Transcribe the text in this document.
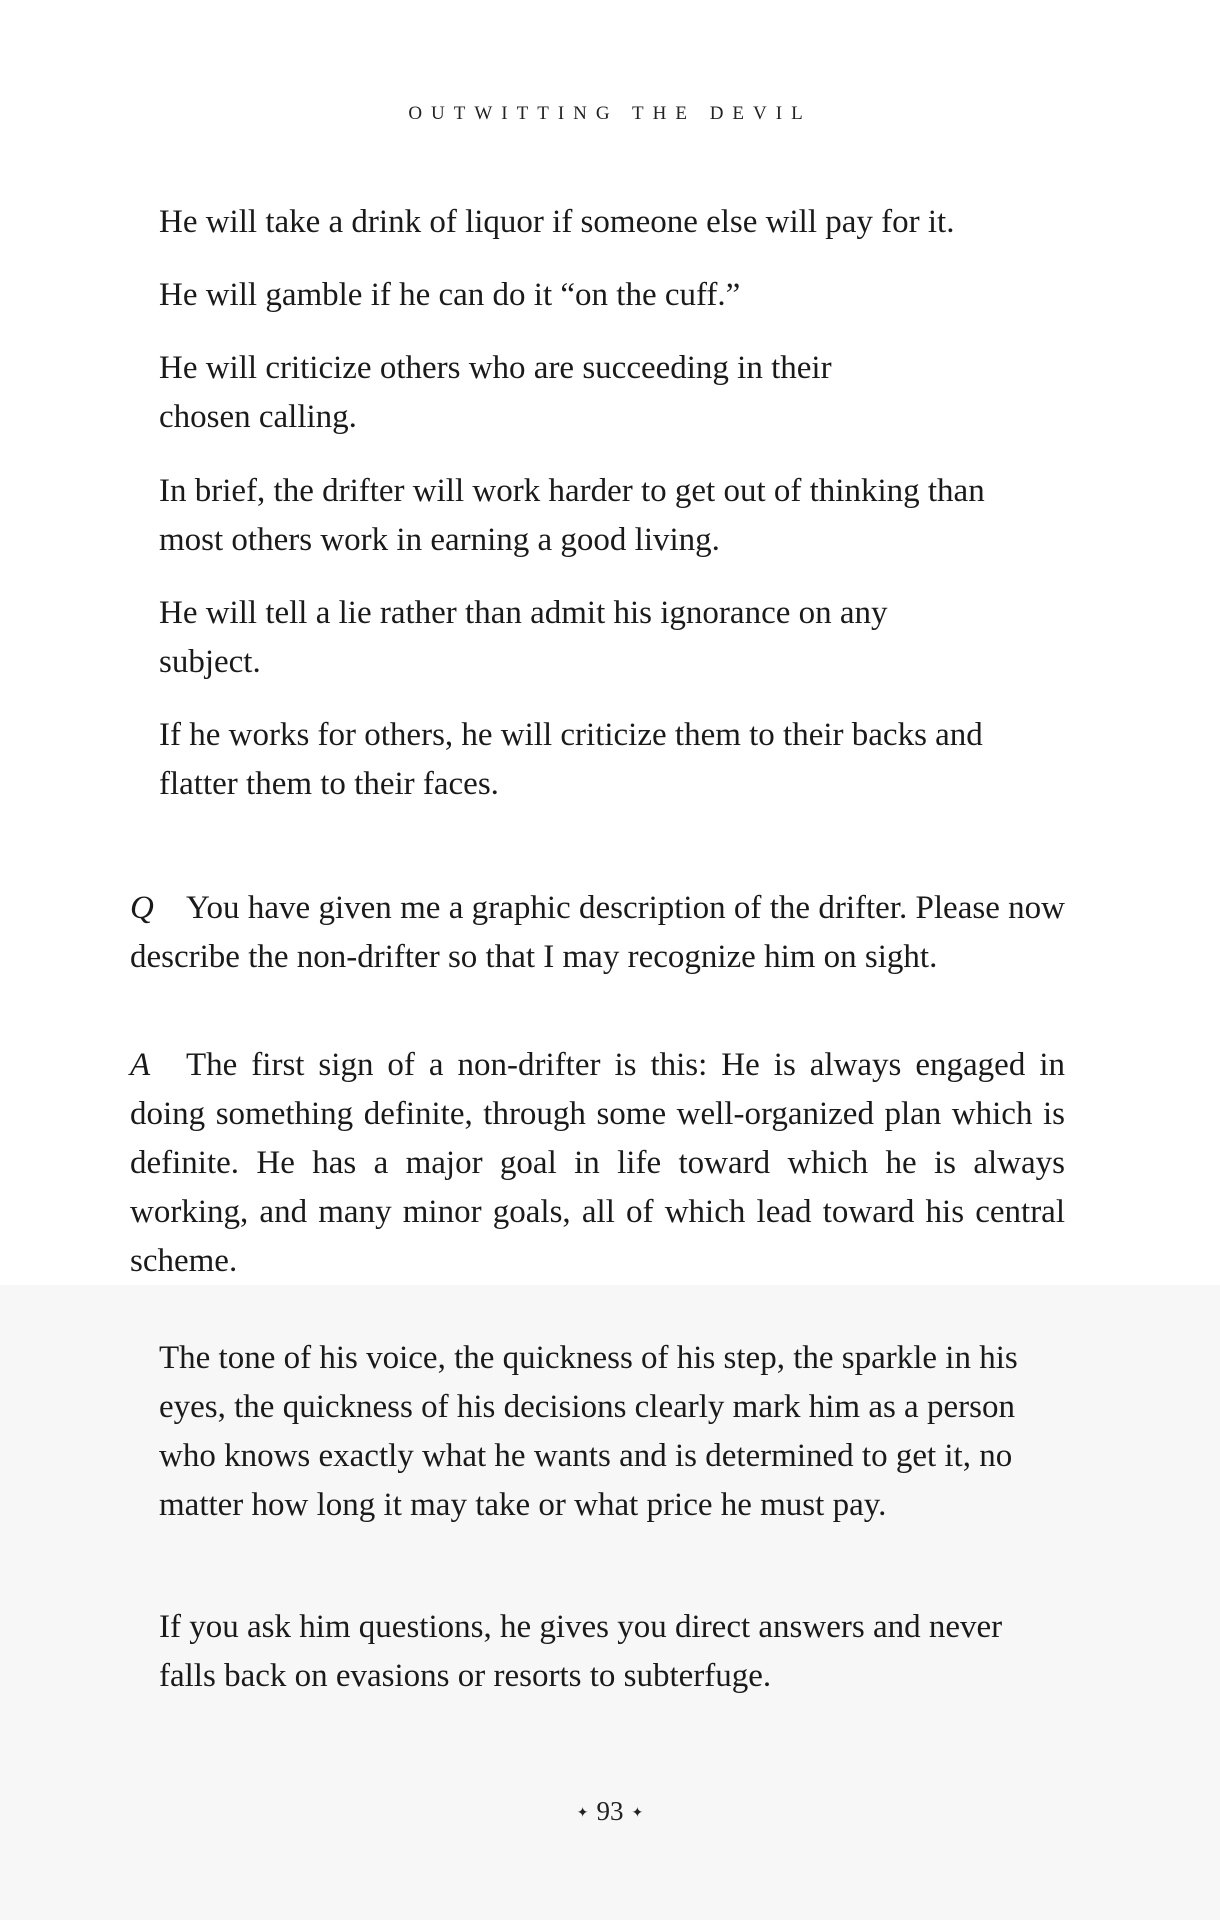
OUTWITTING THE DEVIL
He will take a drink of liquor if someone else will pay for it.
He will gamble if he can do it “on the cuff.”
He will criticize others who are succeeding in their chosen calling.
In brief, the drifter will work harder to get out of thinking than most others work in earning a good living.
He will tell a lie rather than admit his ignorance on any subject.
If he works for others, he will criticize them to their backs and flatter them to their faces.
Q You have given me a graphic description of the drifter. Please now describe the non-drifter so that I may recognize him on sight.
A The first sign of a non-drifter is this: He is always engaged in doing something definite, through some well-organized plan which is definite. He has a major goal in life toward which he is always working, and many minor goals, all of which lead toward his central scheme.
The tone of his voice, the quickness of his step, the sparkle in his eyes, the quickness of his decisions clearly mark him as a person who knows exactly what he wants and is determined to get it, no matter how long it may take or what price he must pay.
If you ask him questions, he gives you direct answers and never falls back on evasions or resorts to subterfuge.
✦ 93 ✦
